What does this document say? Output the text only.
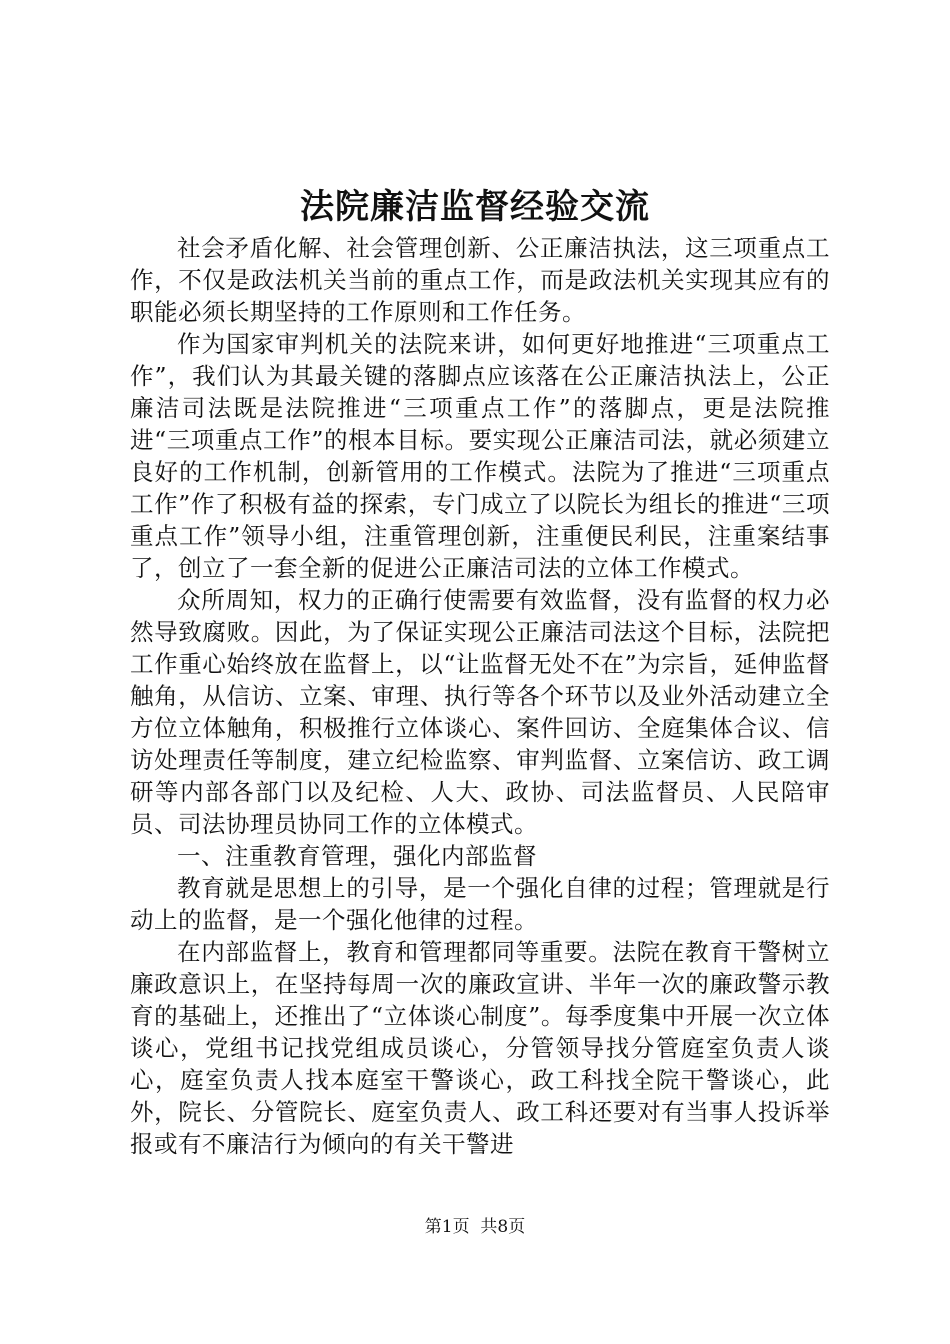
法院廉洁监督经验交流

社会矛盾化解、社会管理创新、公正廉洁执法，这三项重点工作，不仅是政法机关当前的重点工作，而是政法机关实现其应有的职能必须长期坚持的工作原则和工作任务。

作为国家审判机关的法院来讲，如何更好地推进“三项重点工作”，我们认为其最关键的落脚点应该落在公正廉洁执法上，公正廉洁司法既是法院推进“三项重点工作”的落脚点，更是法院推进“三项重点工作”的根本目标。要实现公正廉洁司法，就必须建立良好的工作机制，创新管用的工作模式。法院为了推进“三项重点工作”作了积极有益的探索，专门成立了以院长为组长的推进“三项重点工作”领导小组，注重管理创新，注重便民利民，注重案结事了，创立了一套全新的促进公正廉洁司法的立体工作模式。

众所周知，权力的正确行使需要有效监督，没有监督的权力必然导致腐败。因此，为了保证实现公正廉洁司法这个目标，法院把工作重心始终放在监督上，以“让监督无处不在”为宗旨，延伸监督触角，从信访、立案、审理、执行等各个环节以及业外活动建立全方位立体触角，积极推行立体谈心、案件回访、全庭集体合议、信访处理责任等制度，建立纪检监察、审判监督、立案信访、政工调研等内部各部门以及纪检、人大、政协、司法监督员、人民陪审员、司法协理员协同工作的立体模式。

一、注重教育管理，强化内部监督

教育就是思想上的引导，是一个强化自律的过程；管理就是行动上的监督，是一个强化他律的过程。

在内部监督上，教育和管理都同等重要。法院在教育干警树立廉政意识上，在坚持每周一次的廉政宣讲、半年一次的廉政警示教育的基础上，还推出了“立体谈心制度”。每季度集中开展一次立体谈心，党组书记找党组成员谈心，分管领导找分管庭室负责人谈心，庭室负责人找本庭室干警谈心，政工科找全院干警谈心，此外，院长、分管院长、庭室负责人、政工科还要对有当事人投诉举报或有不廉洁行为倾向的有关干警进

第1页 共8页
